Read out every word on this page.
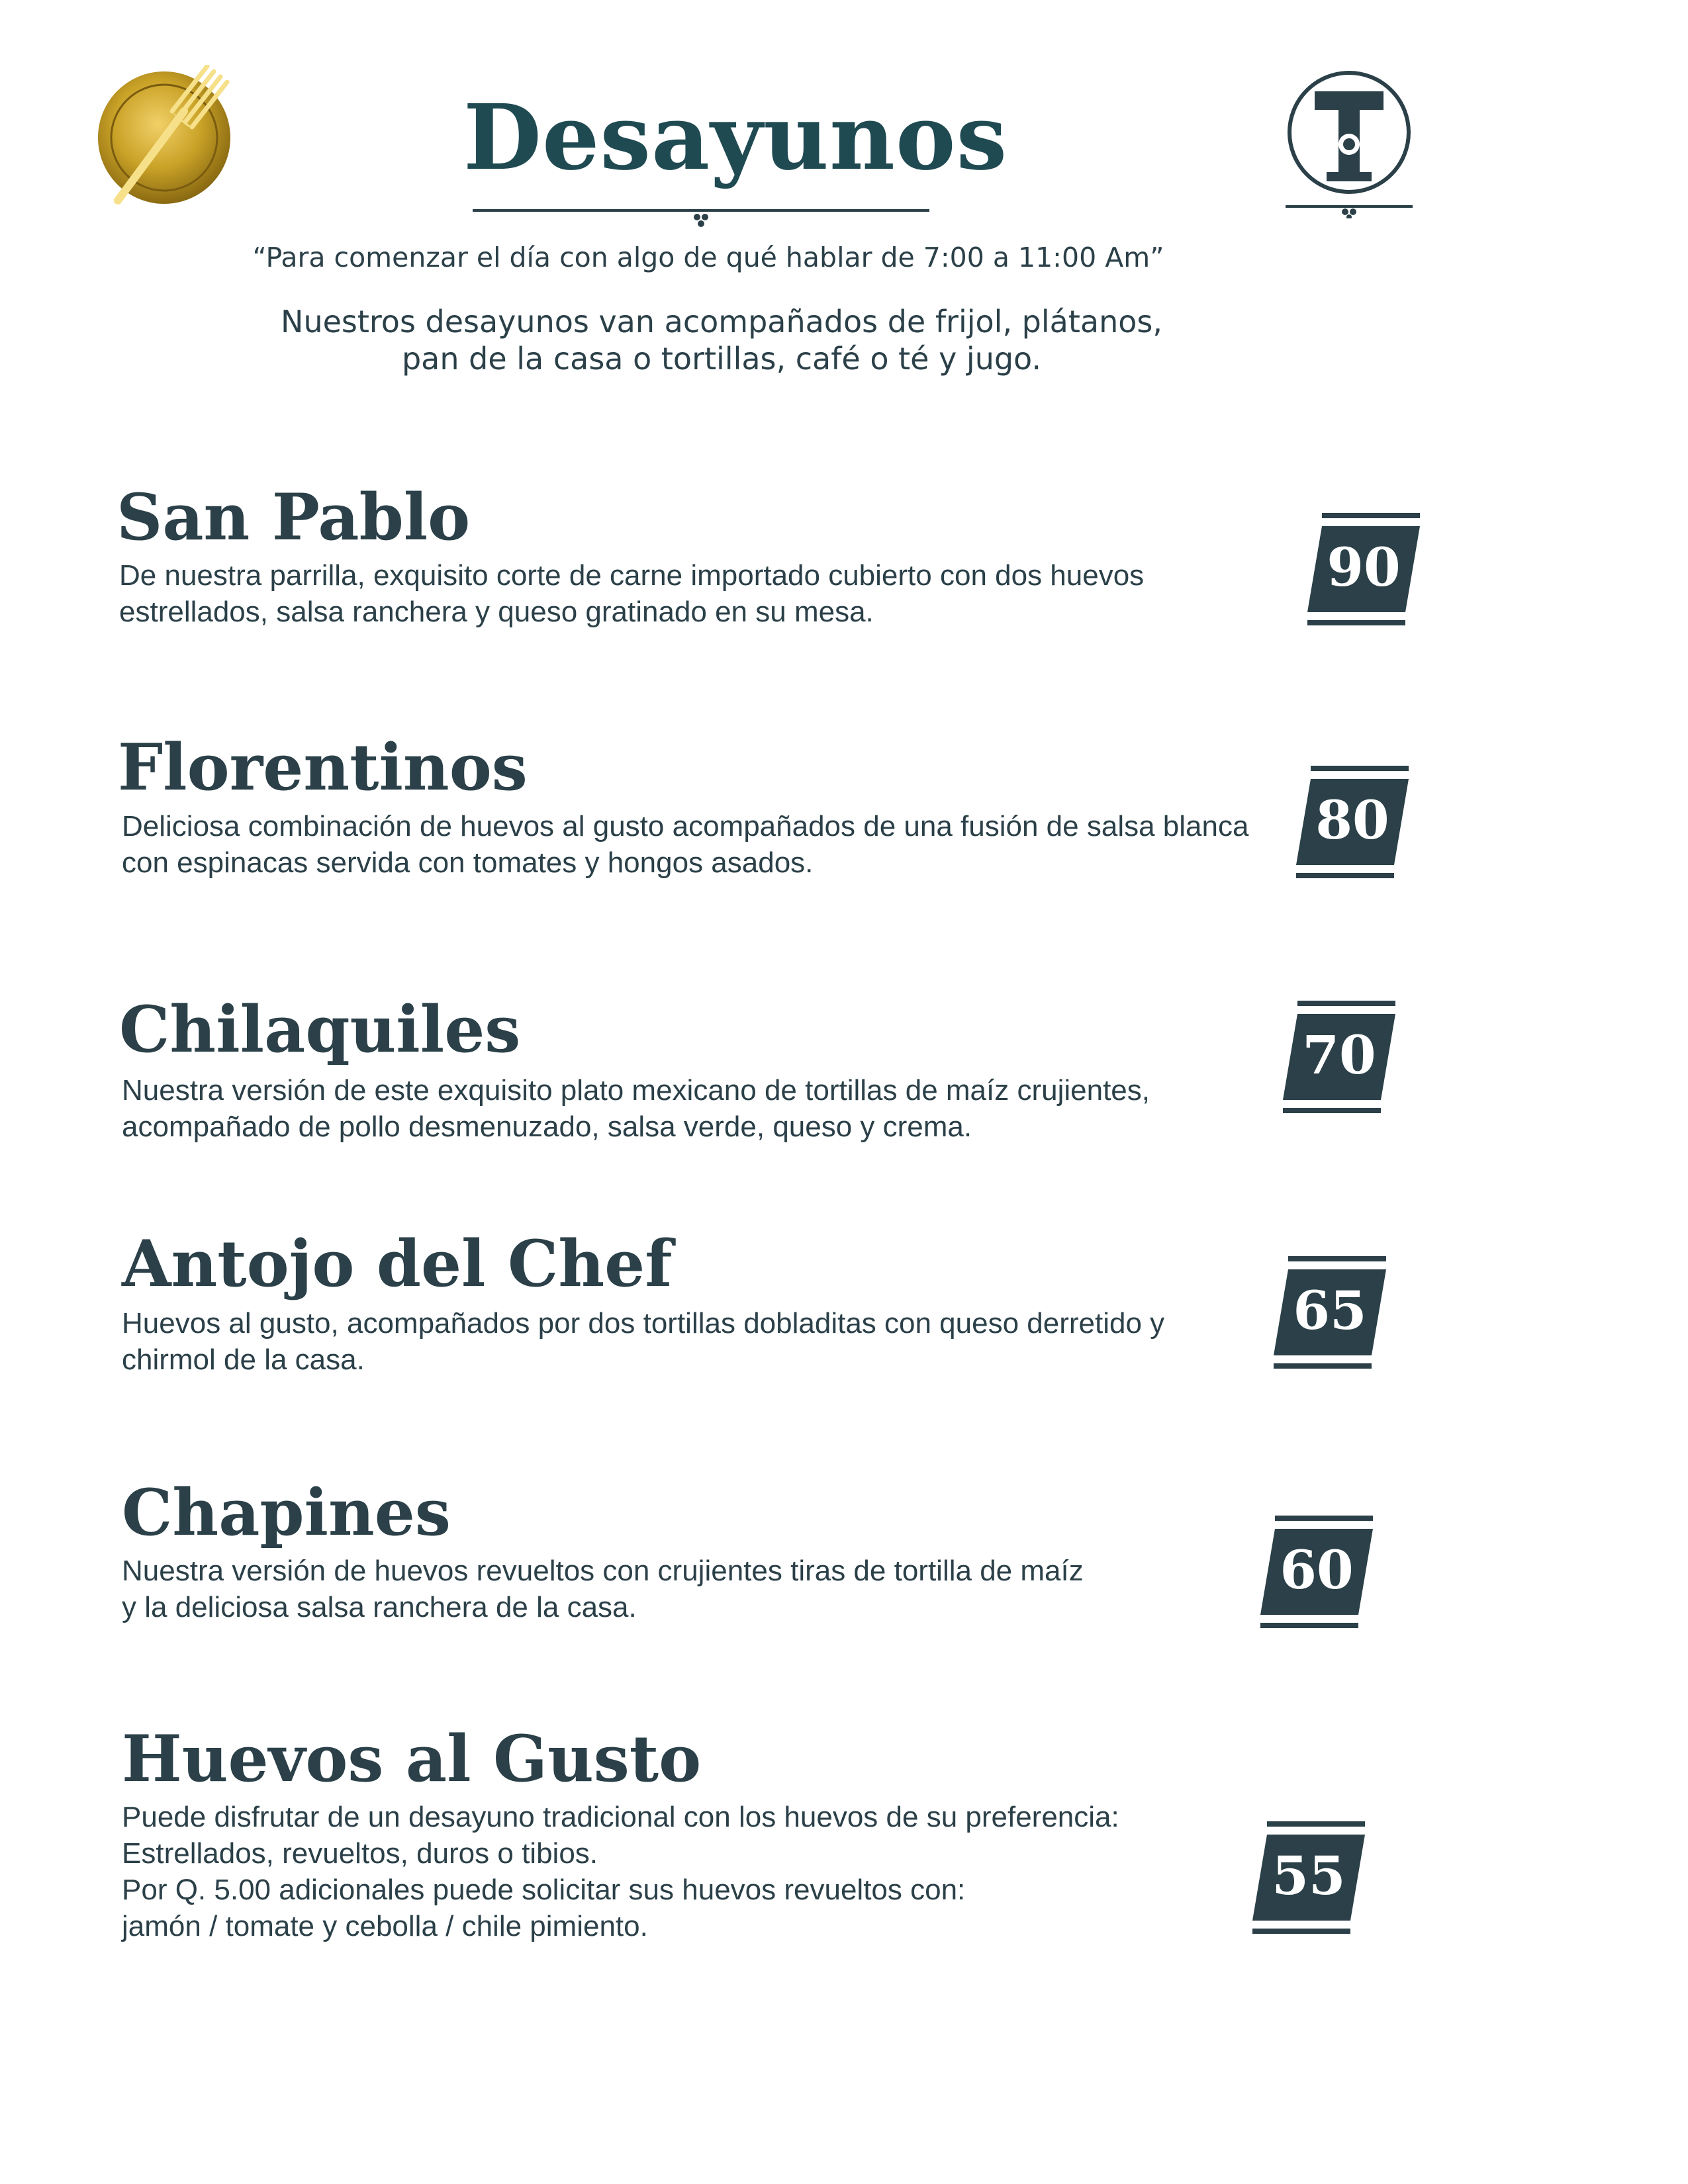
Desayunos
“Para comenzar el día con algo de qué hablar de 7:00 a 11:00 Am”
Nuestros desayunos van acompañados de frijol, plátanos,
pan de la casa o tortillas, café o té y jugo.
San Pablo
De nuestra parrilla, exquisito corte de carne importado cubierto con dos huevos
estrellados, salsa ranchera y queso gratinado en su mesa.
90
Florentinos
Deliciosa combinación de huevos al gusto acompañados de una fusión de salsa blanca
con espinacas servida con tomates y hongos asados.
80
Chilaquiles
Nuestra versión de este exquisito plato mexicano de tortillas de maíz crujientes,
acompañado de pollo desmenuzado, salsa verde, queso y crema.
70
Antojo del Chef
Huevos al gusto, acompañados por dos tortillas dobladitas con queso derretido y
chirmol de la casa.
65
Chapines
Nuestra versión de huevos revueltos con crujientes tiras de tortilla de maíz
y la deliciosa salsa ranchera de la casa.
60
Huevos al Gusto
Puede disfrutar de un desayuno tradicional con los huevos de su preferencia:
Estrellados, revueltos, duros o tibios.
Por Q. 5.00 adicionales puede solicitar sus huevos revueltos con:
jamón / tomate y cebolla / chile pimiento.
55
